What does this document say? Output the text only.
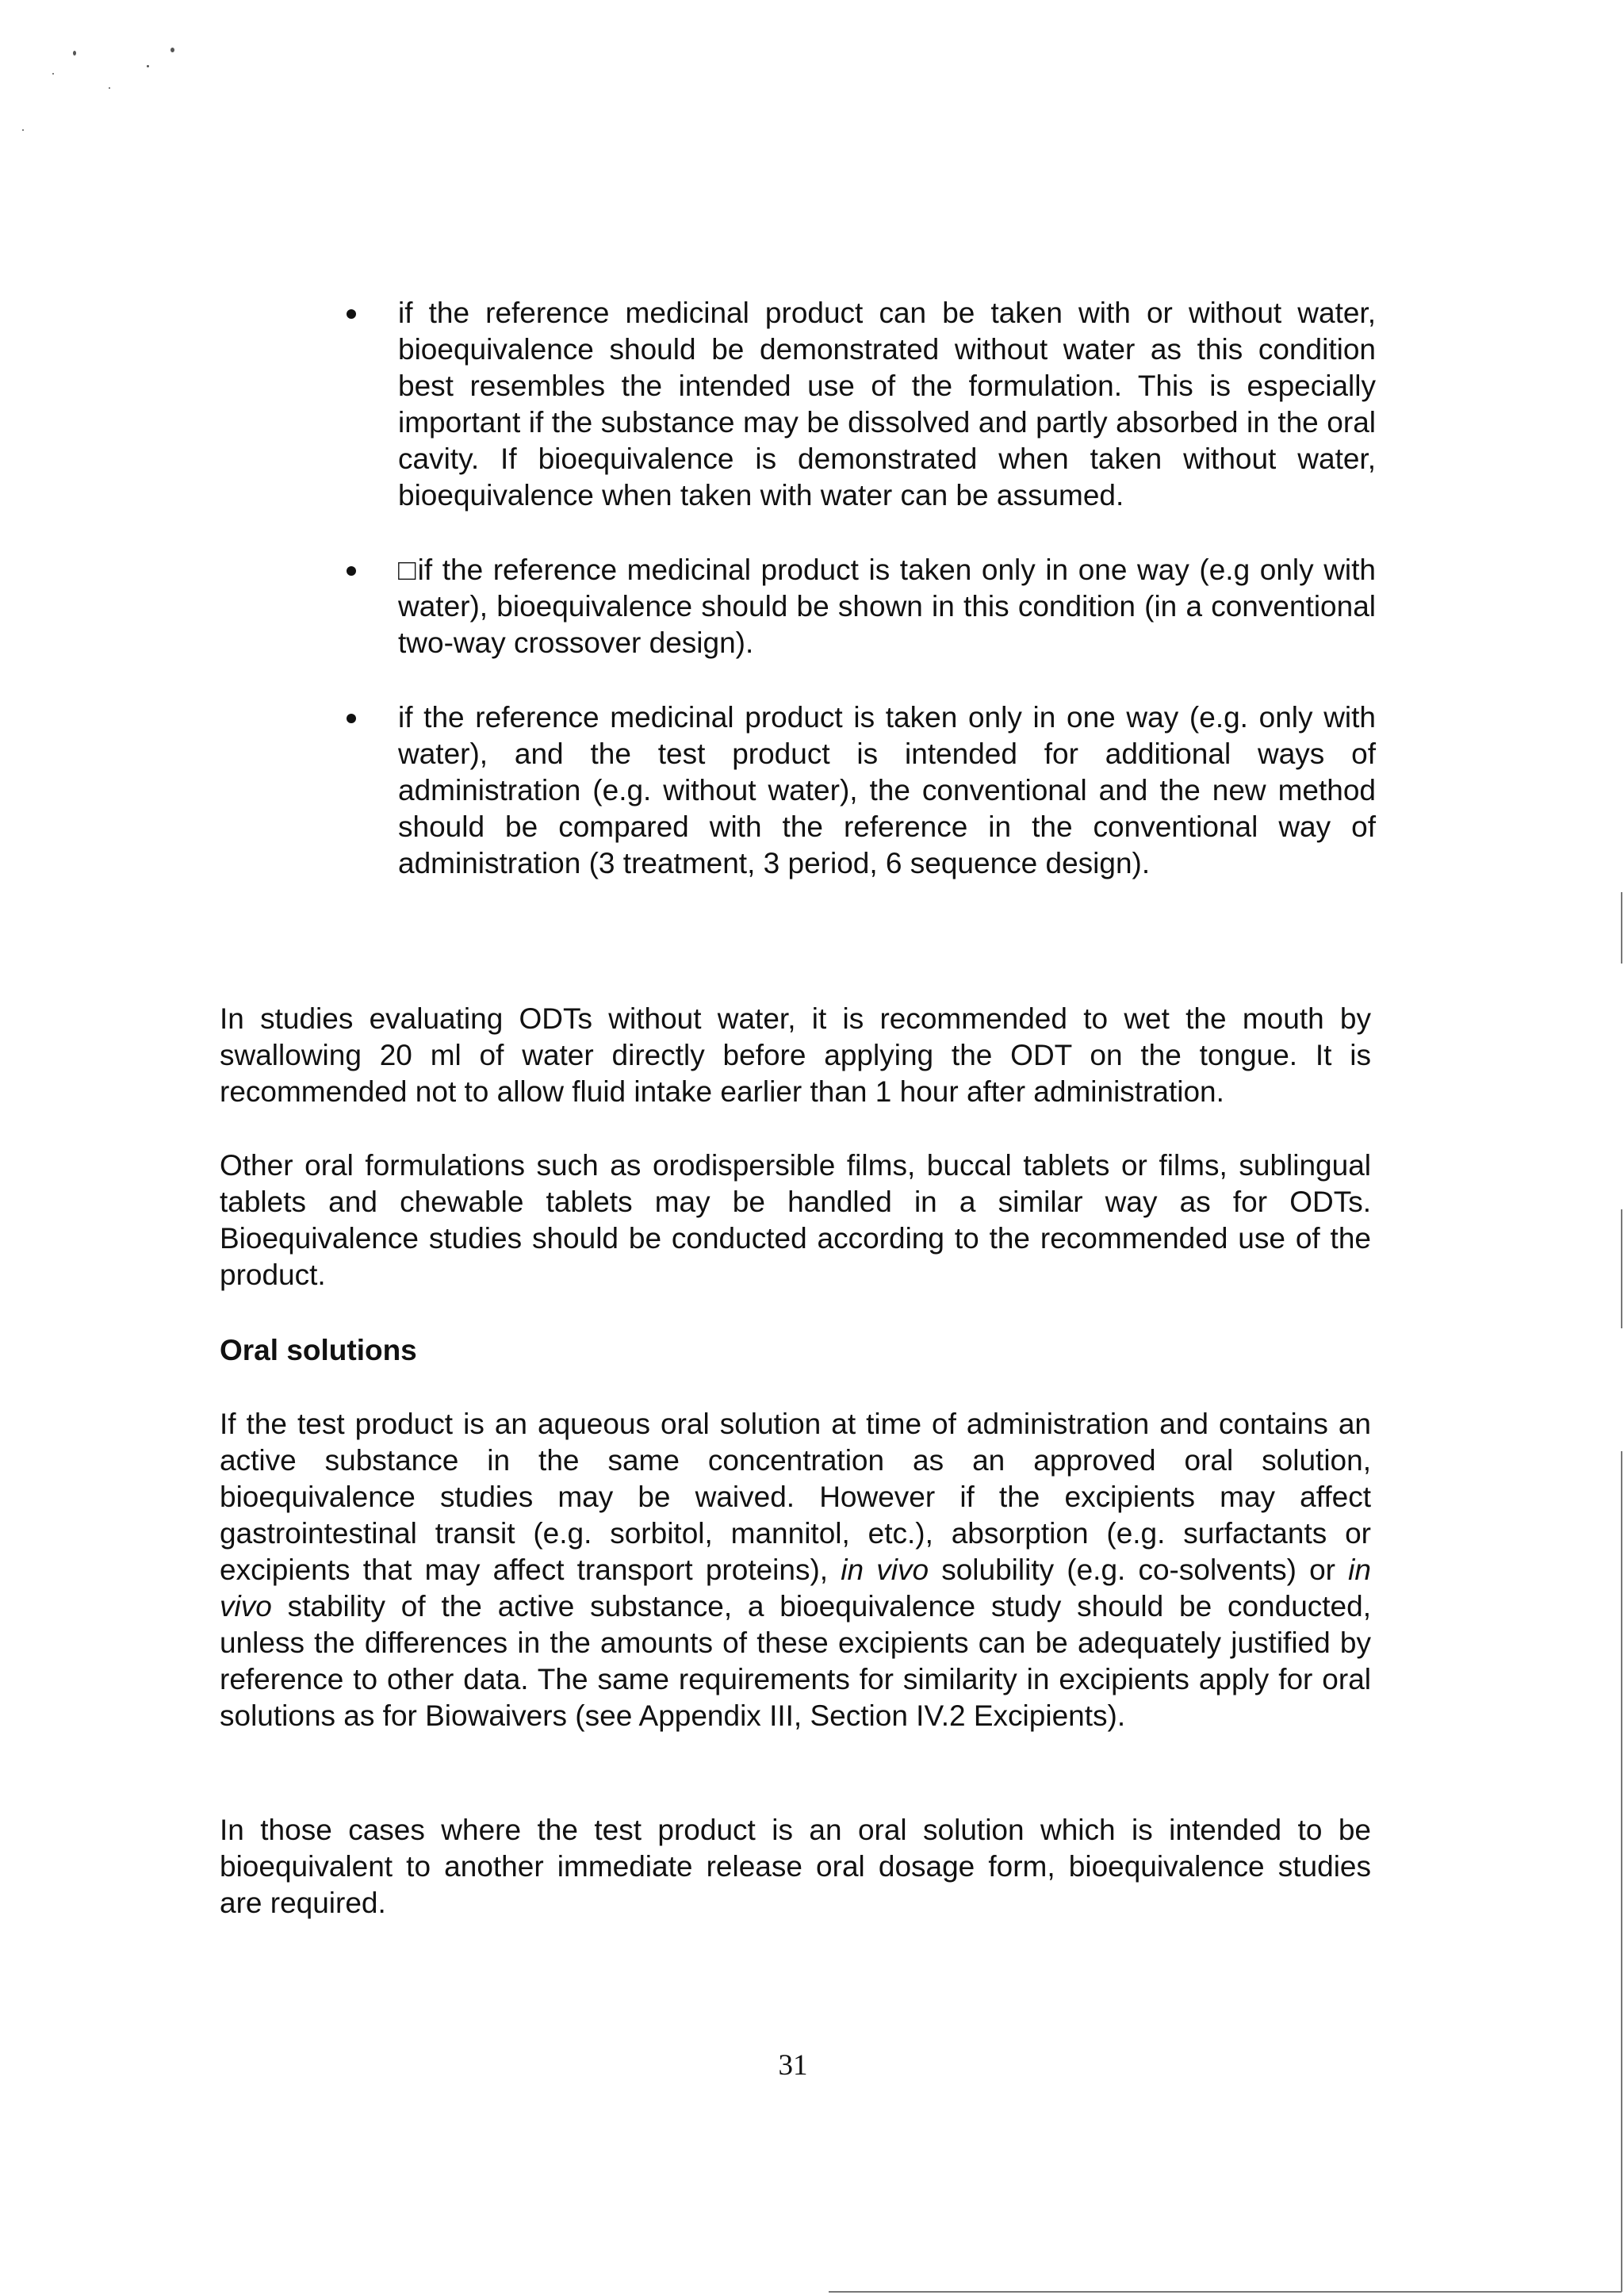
if the reference medicinal product can be taken with or without water, bioequivalence should be demonstrated without water as this condition best resembles the intended use of the formulation. This is especially important if the substance may be dissolved and partly absorbed in the oral cavity. If bioequivalence is demonstrated when taken without water, bioequivalence when taken with water can be assumed.
□if the reference medicinal product is taken only in one way (e.g only with water), bioequivalence should be shown in this condition (in a conventional two-way crossover design).
if the reference medicinal product is taken only in one way (e.g. only with water), and the test product is intended for additional ways of administration (e.g. without water), the conventional and the new method should be compared with the reference in the conventional way of administration (3 treatment, 3 period, 6 sequence design).

In studies evaluating ODTs without water, it is recommended to wet the mouth by swallowing 20 ml of water directly before applying the ODT on the tongue. It is recommended not to allow fluid intake earlier than 1 hour after administration.

Other oral formulations such as orodispersible films, buccal tablets or films, sublingual tablets and chewable tablets may be handled in a similar way as for ODTs. Bioequivalence studies should be conducted according to the recommended use of the product.

Oral solutions

If the test product is an aqueous oral solution at time of administration and contains an active substance in the same concentration as an approved oral solution, bioequivalence studies may be waived. However if the excipients may affect gastrointestinal transit (e.g. sorbitol, mannitol, etc.), absorption (e.g. surfactants or excipients that may affect transport proteins), in vivo solubility (e.g. co-solvents) or in vivo stability of the active substance, a bioequivalence study should be conducted, unless the differences in the amounts of these excipients can be adequately justified by reference to other data. The same requirements for similarity in excipients apply for oral solutions as for Biowaivers (see Appendix III, Section IV.2 Excipients).

In those cases where the test product is an oral solution which is intended to be bioequivalent to another immediate release oral dosage form, bioequivalence studies are required.

31
